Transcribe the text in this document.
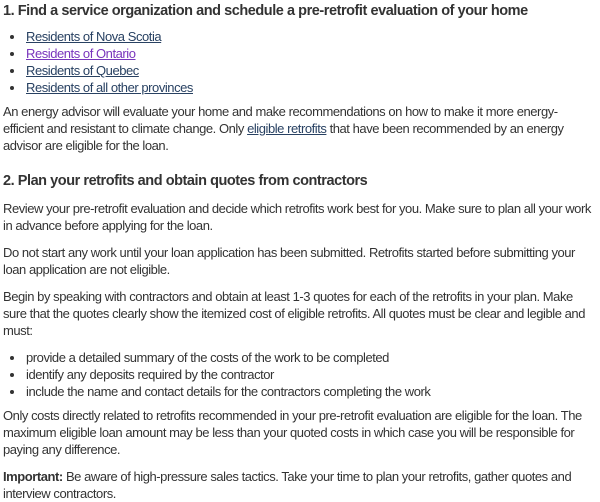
1. Find a service organization and schedule a pre-retrofit evaluation of your home
• Residents of Nova Scotia
• Residents of Ontario
• Residents of Quebec
• Residents of all other provinces

An energy advisor will evaluate your home and make recommendations on how to make it more energy-efficient and resistant to climate change. Only eligible retrofits that have been recommended by an energy advisor are eligible for the loan.

2. Plan your retrofits and obtain quotes from contractors

Review your pre-retrofit evaluation and decide which retrofits work best for you. Make sure to plan all your work in advance before applying for the loan.

Do not start any work until your loan application has been submitted. Retrofits started before submitting your loan application are not eligible.

Begin by speaking with contractors and obtain at least 1-3 quotes for each of the retrofits in your plan. Make sure that the quotes clearly show the itemized cost of eligible retrofits. All quotes must be clear and legible and must:

• provide a detailed summary of the costs of the work to be completed
• identify any deposits required by the contractor
• include the name and contact details for the contractors completing the work

Only costs directly related to retrofits recommended in your pre-retrofit evaluation are eligible for the loan. The maximum eligible loan amount may be less than your quoted costs in which case you will be responsible for paying any difference.

Important: Be aware of high-pressure sales tactics. Take your time to plan your retrofits, gather quotes and interview contractors.
